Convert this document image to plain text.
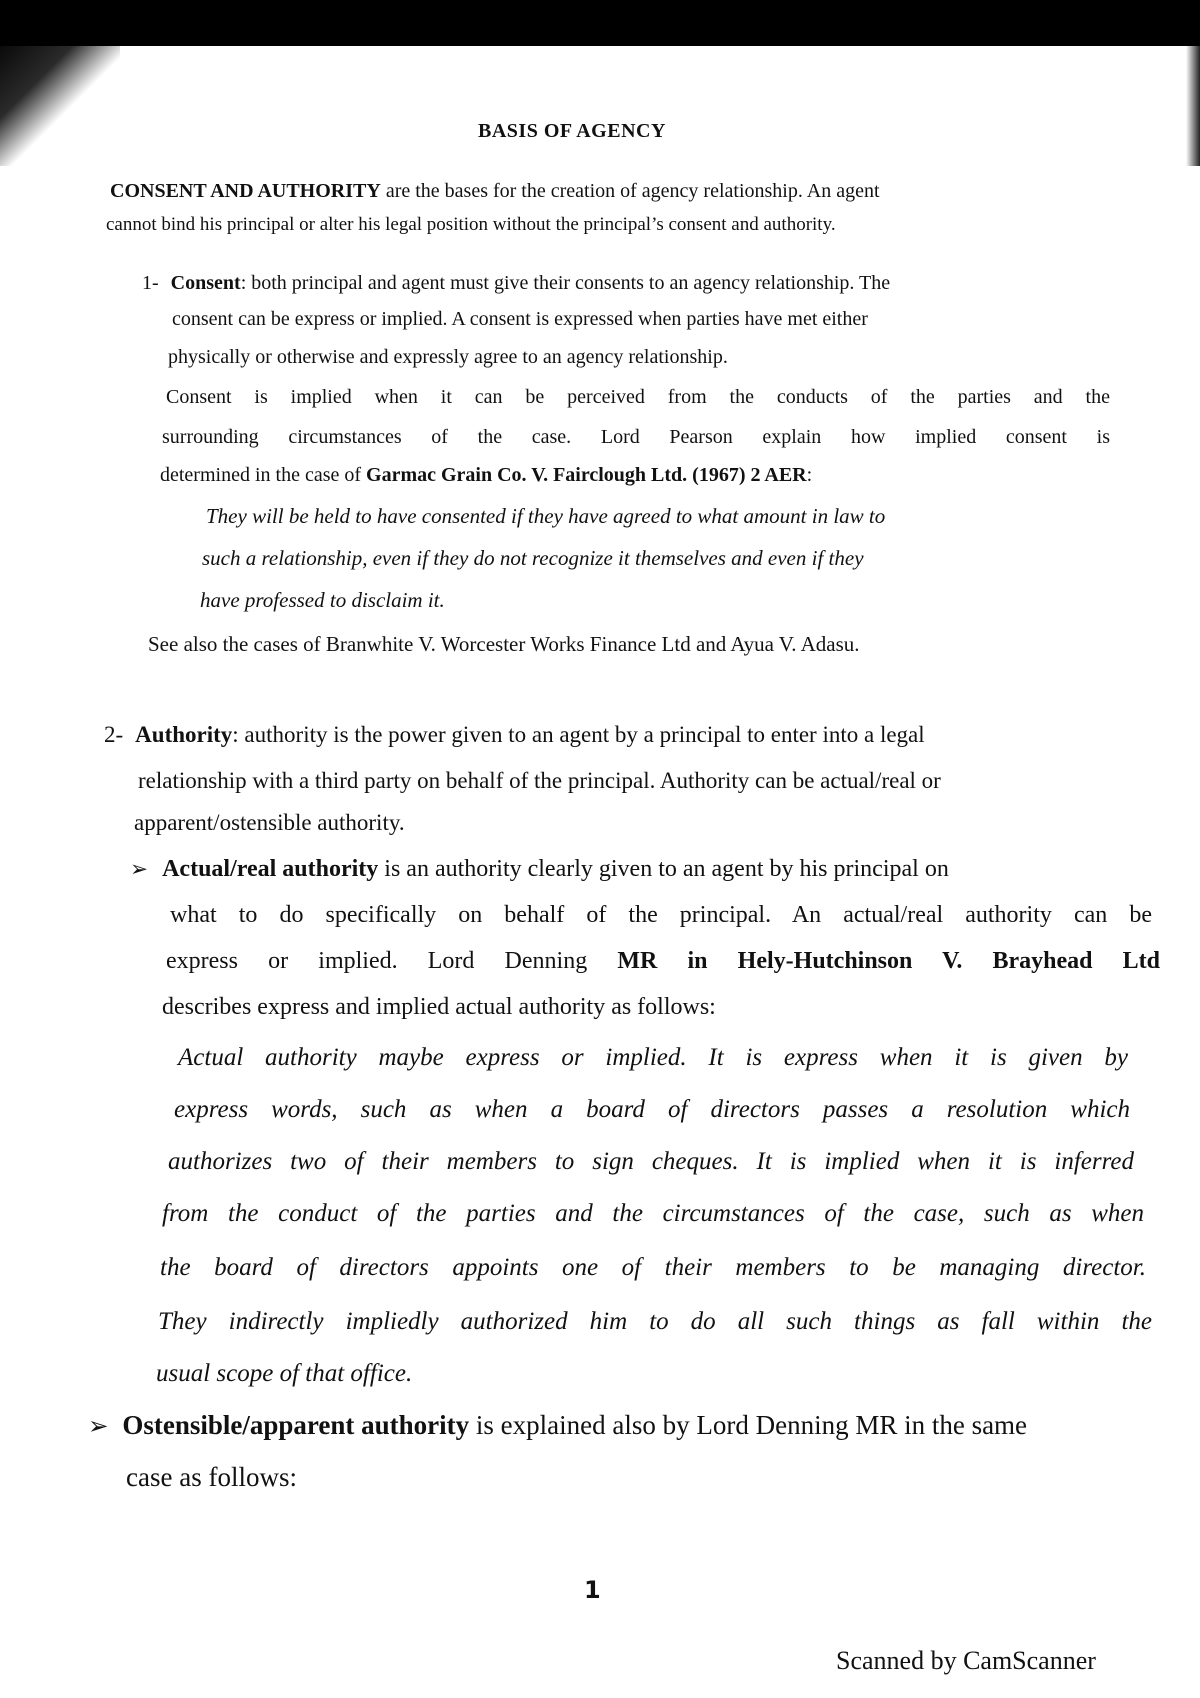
BASIS OF AGENCY
CONSENT AND AUTHORITY are the bases for the creation of agency relationship. An agent
cannot bind his principal or alter his legal position without the principal’s consent and authority.
1- Consent: both principal and agent must give their consents to an agency relationship. The
consent can be express or implied. A consent is expressed when parties have met either
physically or otherwise and expressly agree to an agency relationship.
Consent is implied when it can be perceived from the conducts of the parties and the
surrounding circumstances of the case. Lord Pearson explain how implied consent is
determined in the case of Garmac Grain Co. V. Fairclough Ltd. (1967) 2 AER:
They will be held to have consented if they have agreed to what amount in law to
such a relationship, even if they do not recognize it themselves and even if they
have professed to disclaim it.
See also the cases of Branwhite V. Worcester Works Finance Ltd and Ayua V. Adasu.
2- Authority: authority is the power given to an agent by a principal to enter into a legal
relationship with a third party on behalf of the principal. Authority can be actual/real or
apparent/ostensible authority.
➢ Actual/real authority is an authority clearly given to an agent by his principal on
what to do specifically on behalf of the principal. An actual/real authority can be
express or implied. Lord Denning MR in Hely-Hutchinson V. Brayhead Ltd
describes express and implied actual authority as follows:
Actual authority maybe express or implied. It is express when it is given by
express words, such as when a board of directors passes a resolution which
authorizes two of their members to sign cheques. It is implied when it is inferred
from the conduct of the parties and the circumstances of the case, such as when
the board of directors appoints one of their members to be managing director.
They indirectly impliedly authorized him to do all such things as fall within the
usual scope of that office.
➢ Ostensible/apparent authority is explained also by Lord Denning MR in the same
case as follows:
1
Scanned by CamScanner
